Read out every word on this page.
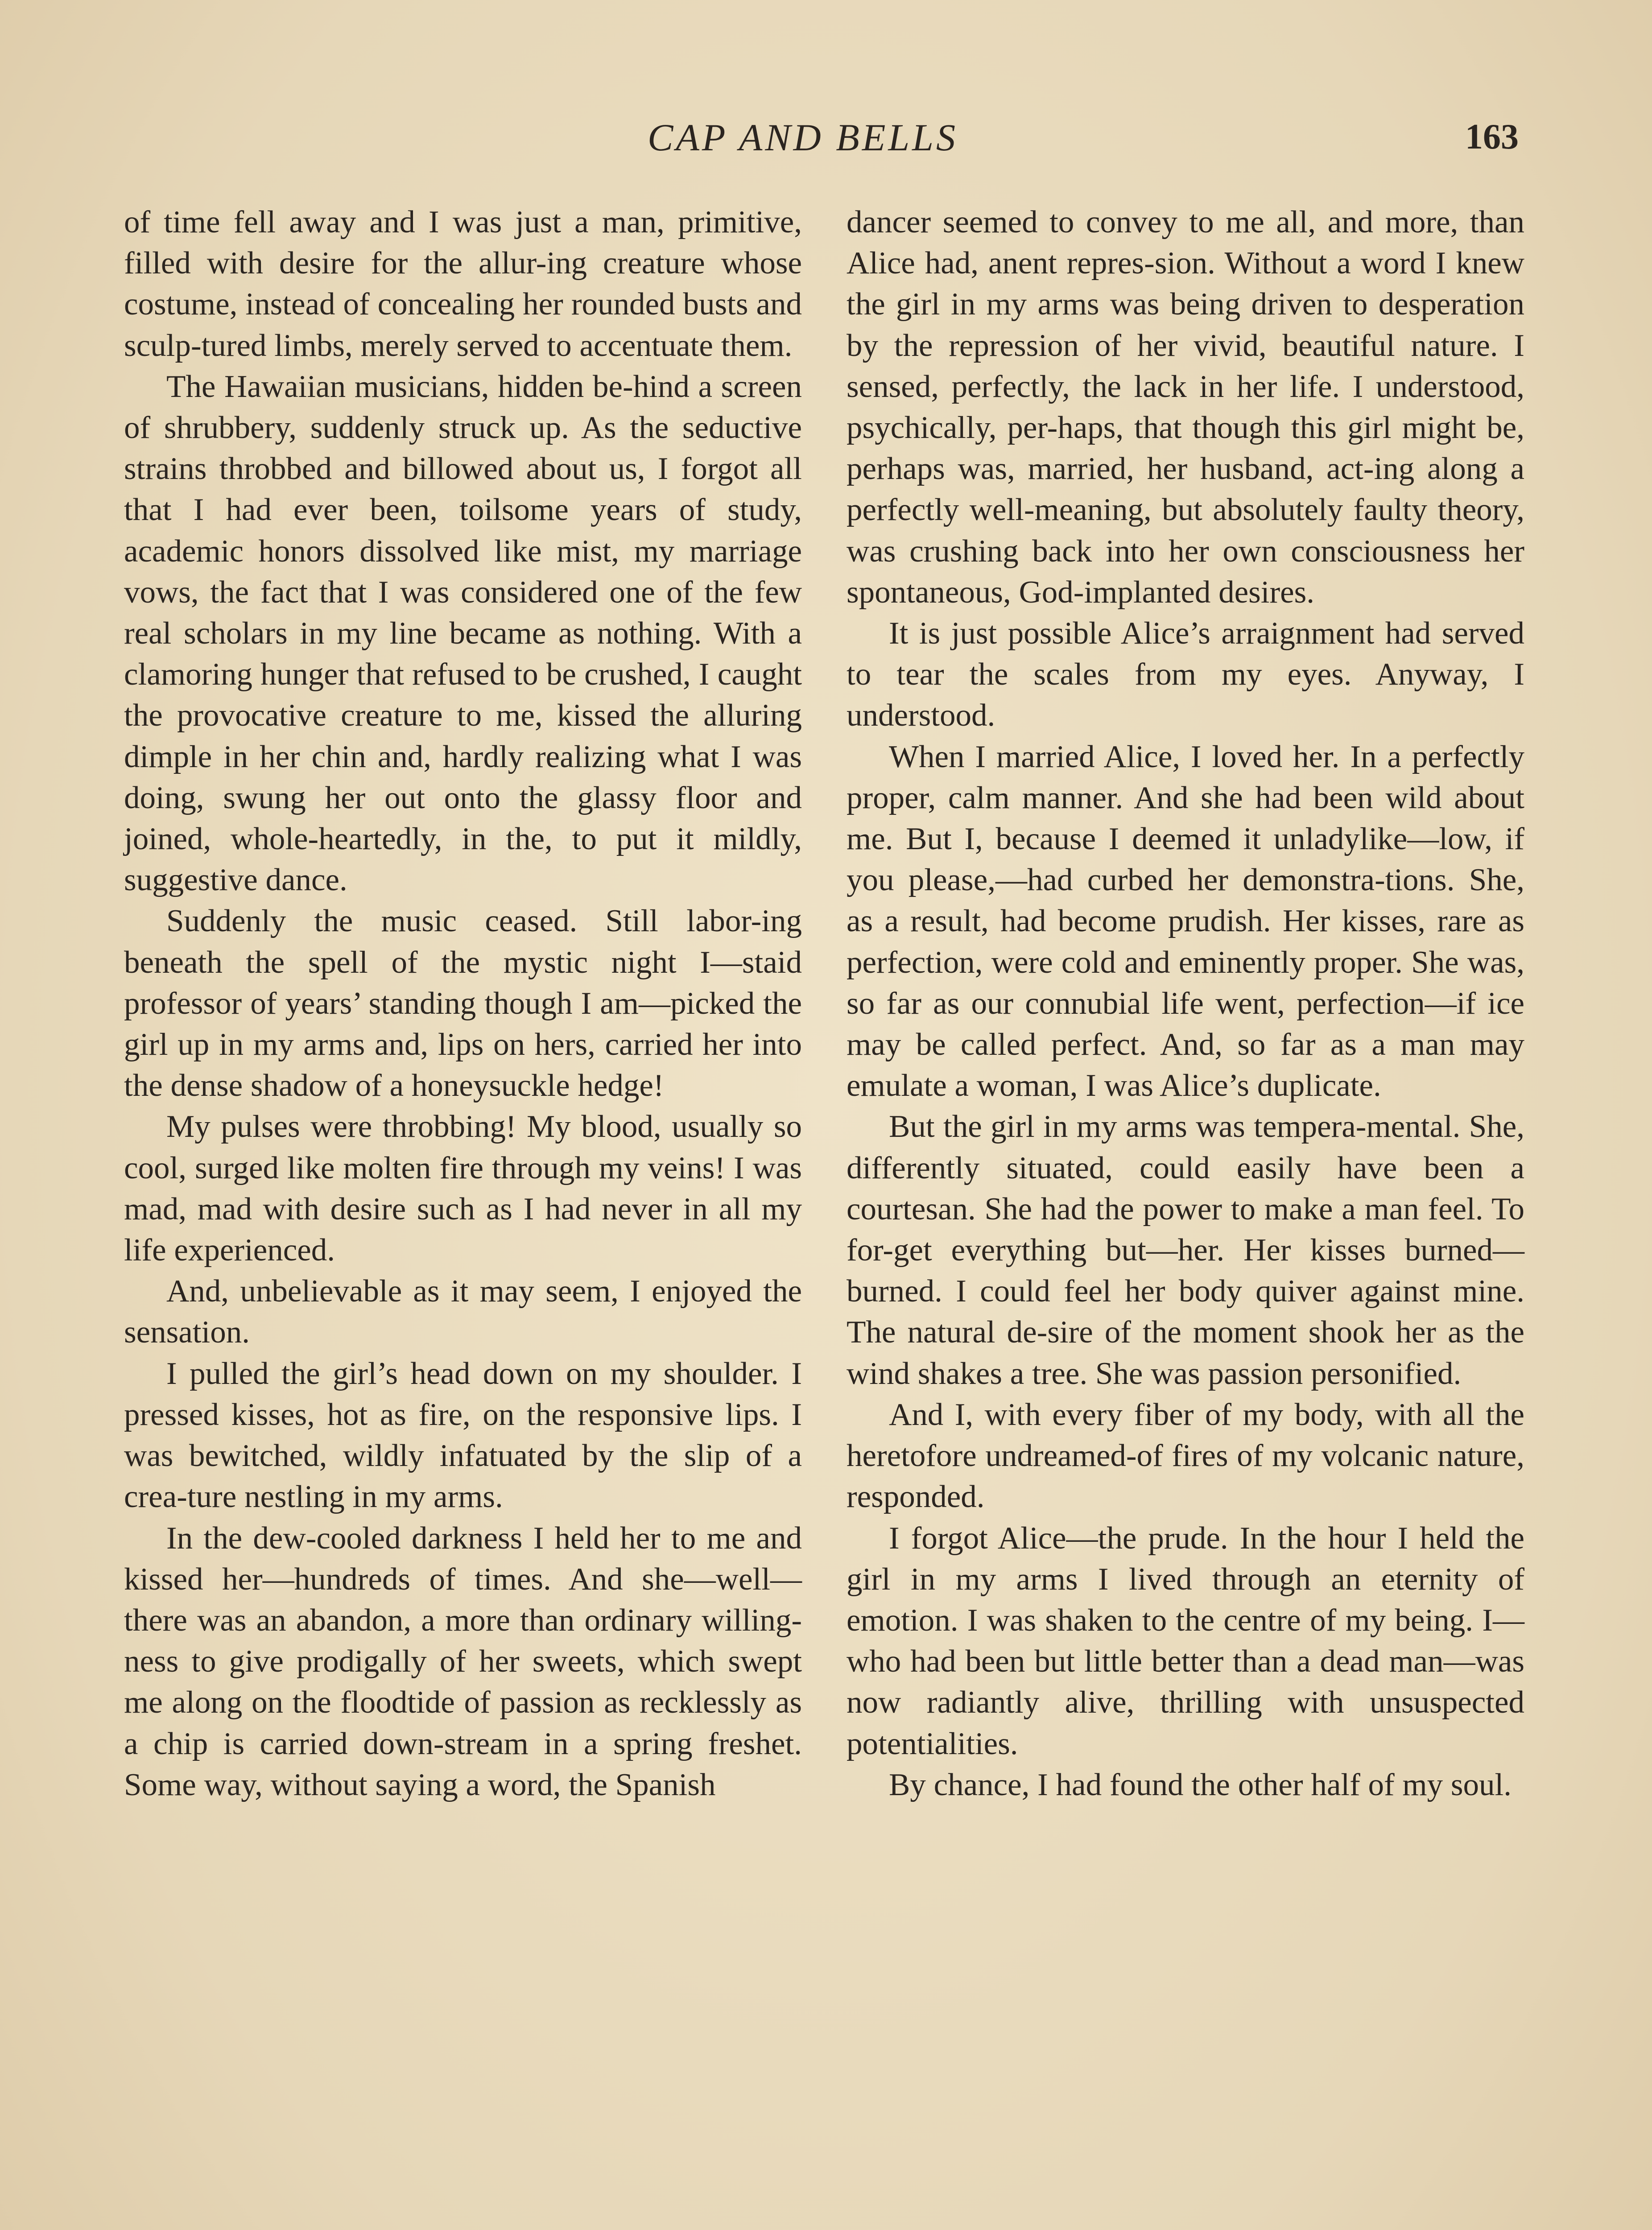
CAP AND BELLS	163

of time fell away and I was just a man, primitive, filled with desire for the allur-ing creature whose costume, instead of concealing her rounded busts and sculp-tured limbs, merely served to accentuate them.

The Hawaiian musicians, hidden be-hind a screen of shrubbery, suddenly struck up. As the seductive strains throbbed and billowed about us, I forgot all that I had ever been, toilsome years of study, academic honors dissolved like mist, my marriage vows, the fact that I was considered one of the few real scholars in my line became as nothing. With a clamoring hunger that refused to be crushed, I caught the provocative creature to me, kissed the alluring dimple in her chin and, hardly realizing what I was doing, swung her out onto the glassy floor and joined, whole-heartedly, in the, to put it mildly, suggestive dance.

Suddenly the music ceased. Still labor-ing beneath the spell of the mystic night I—staid professor of years’ standing though I am—picked the girl up in my arms and, lips on hers, carried her into the dense shadow of a honeysuckle hedge!

My pulses were throbbing! My blood, usually so cool, surged like molten fire through my veins! I was mad, mad with desire such as I had never in all my life experienced.

And, unbelievable as it may seem, I enjoyed the sensation.

I pulled the girl’s head down on my shoulder. I pressed kisses, hot as fire, on the responsive lips. I was bewitched, wildly infatuated by the slip of a crea-ture nestling in my arms.

In the dew-cooled darkness I held her to me and kissed her—hundreds of times. And she—well—there was an abandon, a more than ordinary willing-ness to give prodigally of her sweets, which swept me along on the floodtide of passion as recklessly as a chip is carried down-stream in a spring freshet. Some way, without saying a word, the Spanish

dancer seemed to convey to me all, and more, than Alice had, anent repres-sion. Without a word I knew the girl in my arms was being driven to desperation by the repression of her vivid, beautiful nature. I sensed, perfectly, the lack in her life. I understood, psychically, per-haps, that though this girl might be, perhaps was, married, her husband, act-ing along a perfectly well-meaning, but absolutely faulty theory, was crushing back into her own consciousness her spontaneous, God-implanted desires.

It is just possible Alice’s arraignment had served to tear the scales from my eyes. Anyway, I understood.

When I married Alice, I loved her. In a perfectly proper, calm manner. And she had been wild about me. But I, because I deemed it unladylike—low, if you please,—had curbed her demonstra-tions. She, as a result, had become prudish. Her kisses, rare as perfection, were cold and eminently proper. She was, so far as our connubial life went, perfection—if ice may be called perfect. And, so far as a man may emulate a woman, I was Alice’s duplicate.

But the girl in my arms was tempera-mental. She, differently situated, could easily have been a courtesan. She had the power to make a man feel. To for-get everything but—her. Her kisses burned—burned. I could feel her body quiver against mine. The natural de-sire of the moment shook her as the wind shakes a tree. She was passion personified.

And I, with every fiber of my body, with all the heretofore undreamed-of fires of my volcanic nature, responded.

I forgot Alice—the prude. In the hour I held the girl in my arms I lived through an eternity of emotion. I was shaken to the centre of my being. I—who had been but little better than a dead man—was now radiantly alive, thrilling with unsuspected potentialities.

By chance, I had found the other half of my soul.
